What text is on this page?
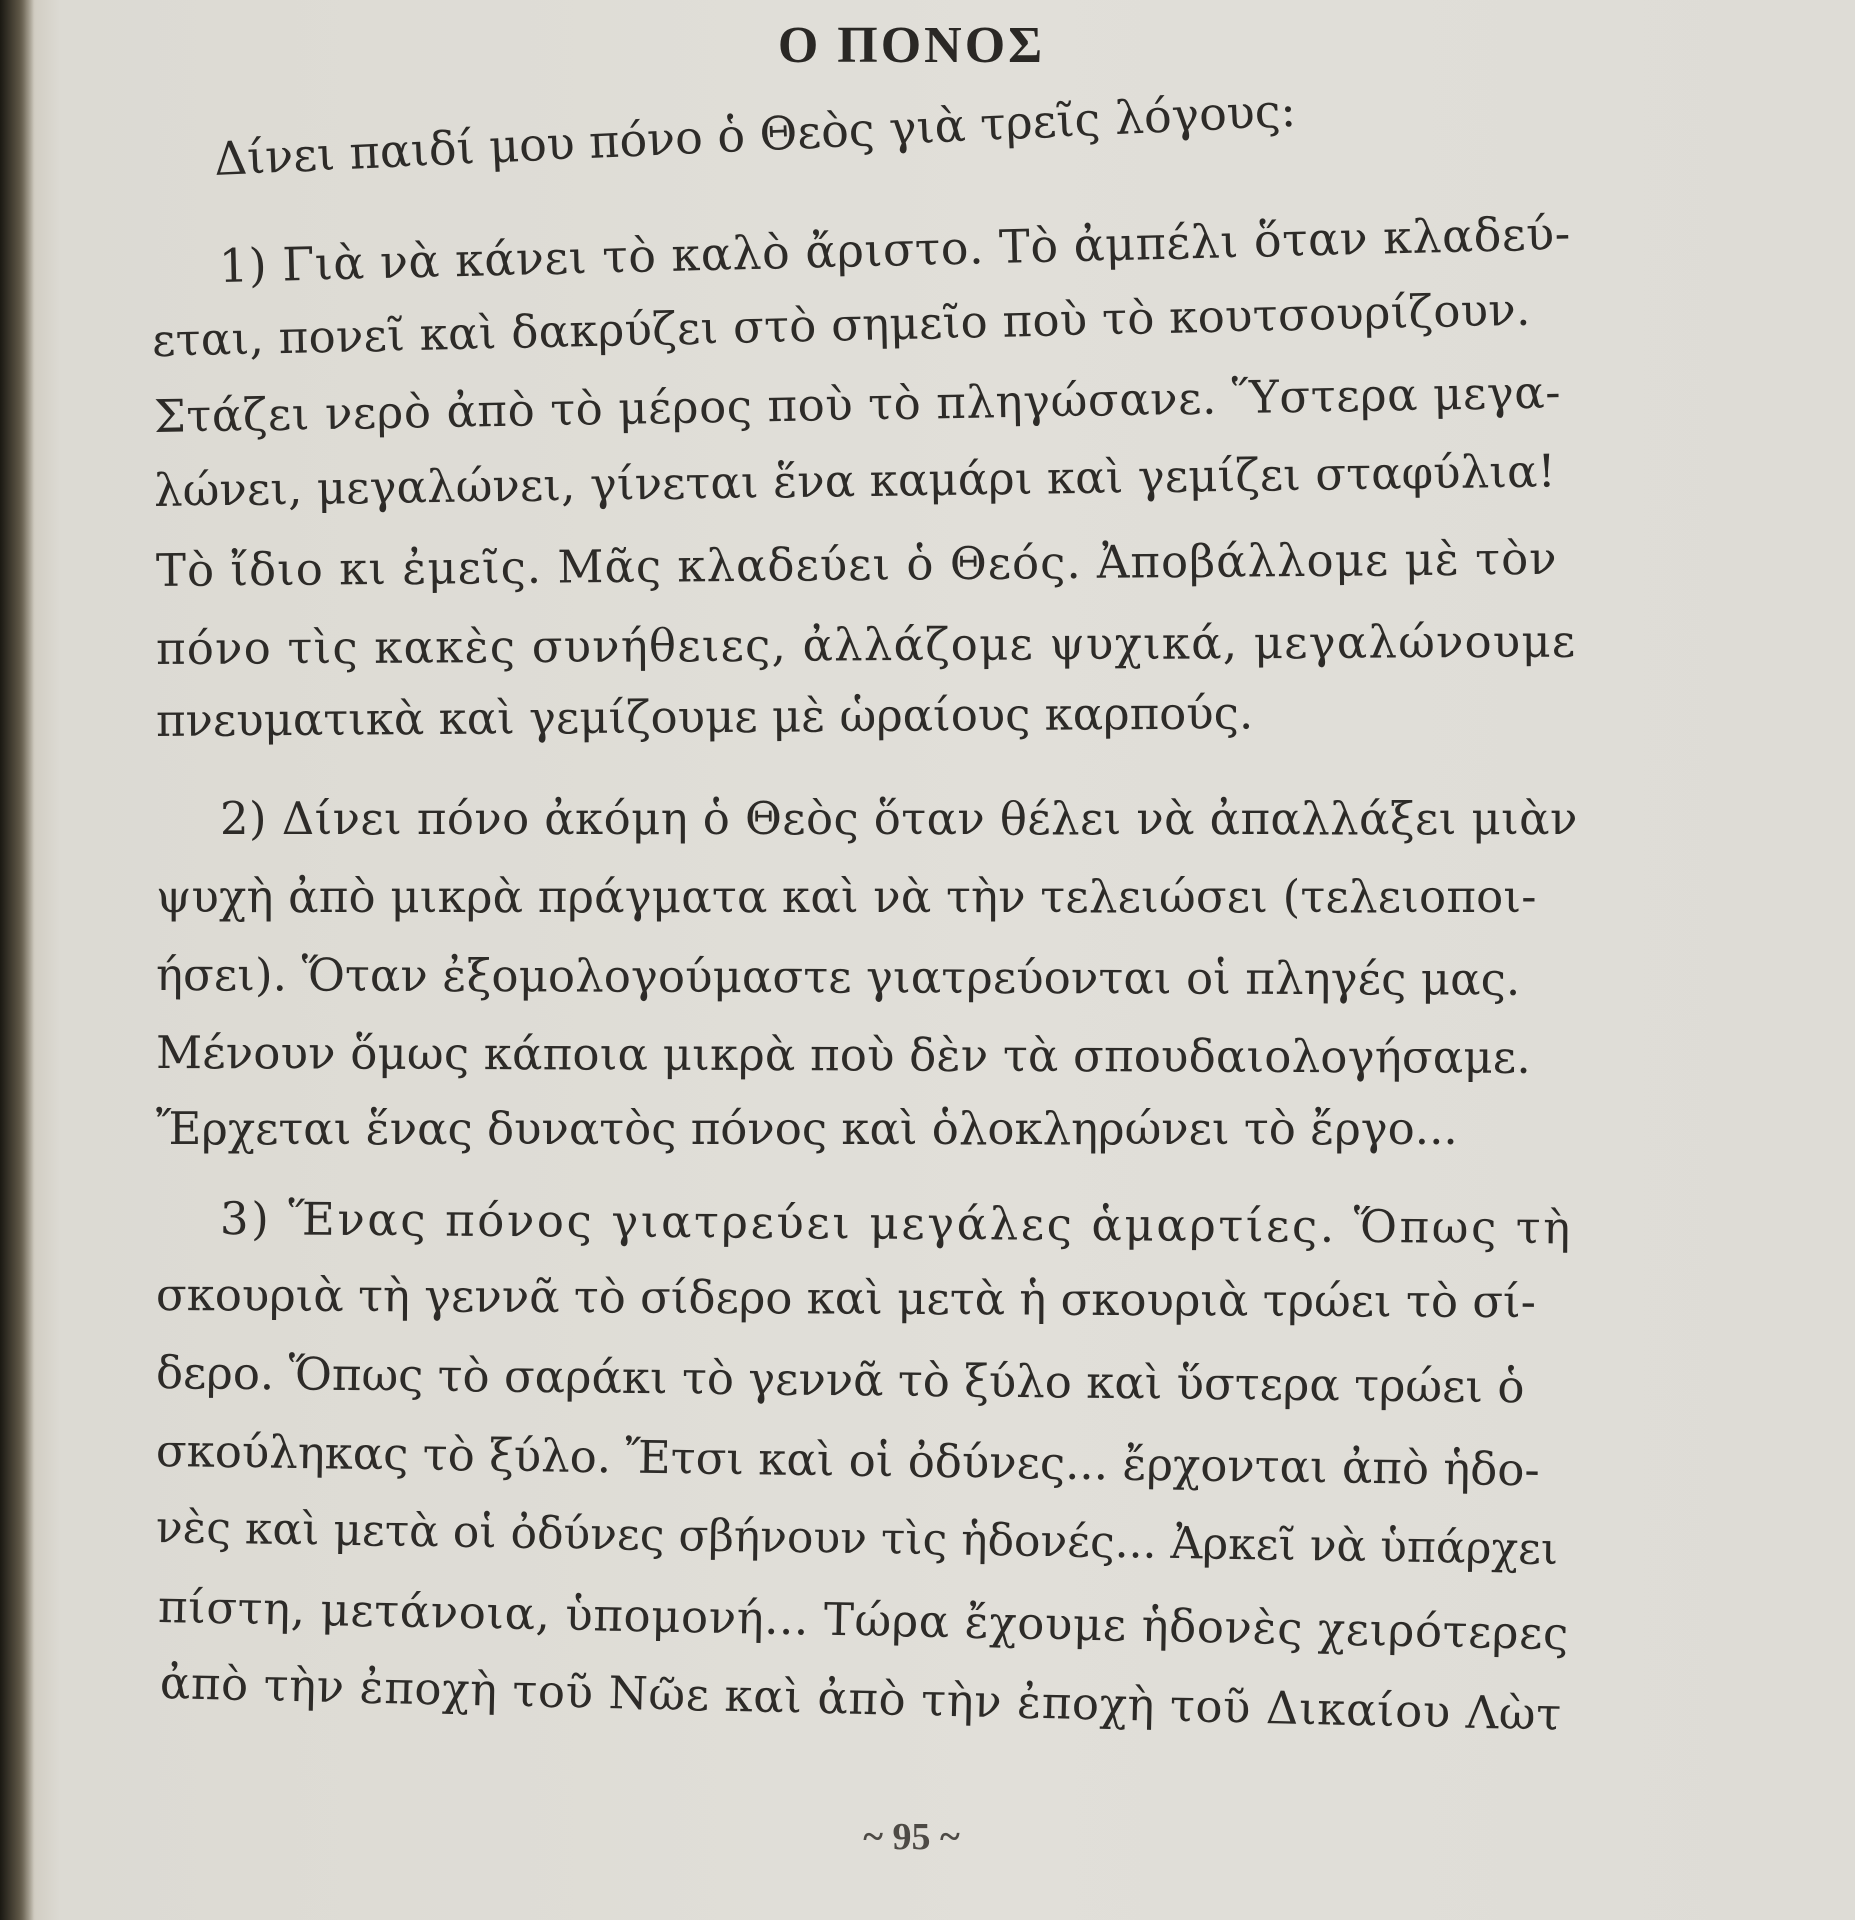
Ο ΠΟΝΟΣ
Δίνει παιδί μου πόνο ὁ Θεὸς γιὰ τρεῖς λόγους:
1) Γιὰ νὰ κάνει τὸ καλὸ ἄριστο. Τὸ ἀμπέλι ὅταν κλαδεύ-
εται, πονεῖ καὶ δακρύζει στὸ σημεῖο ποὺ τὸ κουτσουρίζουν.
Στάζει νερὸ ἀπὸ τὸ μέρος ποὺ τὸ πληγώσανε. Ὕστερα μεγα-
λώνει, μεγαλώνει, γίνεται ἕνα καμάρι καὶ γεμίζει σταφύλια!
Τὸ ἴδιο κι ἐμεῖς. Μᾶς κλαδεύει ὁ Θεός. Ἀποβάλλομε μὲ τὸν
πόνο τὶς κακὲς συνήθειες, ἀλλάζομε ψυχικά, μεγαλώνουμε
πνευματικὰ καὶ γεμίζουμε μὲ ὡραίους καρπούς.
2) Δίνει πόνο ἀκόμη ὁ Θεὸς ὅταν θέλει νὰ ἀπαλλάξει μιὰν
ψυχὴ ἀπὸ μικρὰ πράγματα καὶ νὰ τὴν τελειώσει (τελειοποι-
ήσει). Ὅταν ἐξομολογούμαστε γιατρεύονται οἱ πληγές μας.
Μένουν ὅμως κάποια μικρὰ ποὺ δὲν τὰ σπουδαιολογήσαμε.
Ἔρχεται ἕνας δυνατὸς πόνος καὶ ὁλοκληρώνει τὸ ἔργο...
3) Ἕνας πόνος γιατρεύει μεγάλες ἁμαρτίες. Ὅπως τὴ
σκουριὰ τὴ γεννᾶ τὸ σίδερο καὶ μετὰ ἡ σκουριὰ τρώει τὸ σί-
δερο. Ὅπως τὸ σαράκι τὸ γεννᾶ τὸ ξύλο καὶ ὕστερα τρώει ὁ
σκούληκας τὸ ξύλο. Ἔτσι καὶ οἱ ὀδύνες... ἔρχονται ἀπὸ ἡδο-
νὲς καὶ μετὰ οἱ ὀδύνες σβήνουν τὶς ἡδονές... Ἀρκεῖ νὰ ὑπάρχει
πίστη, μετάνοια, ὑπομονή... Τώρα ἔχουμε ἡδονὲς χειρότερες
ἀπὸ τὴν ἐποχὴ τοῦ Νῶε καὶ ἀπὸ τὴν ἐποχὴ τοῦ Δικαίου Λὼτ
~ 95 ~
